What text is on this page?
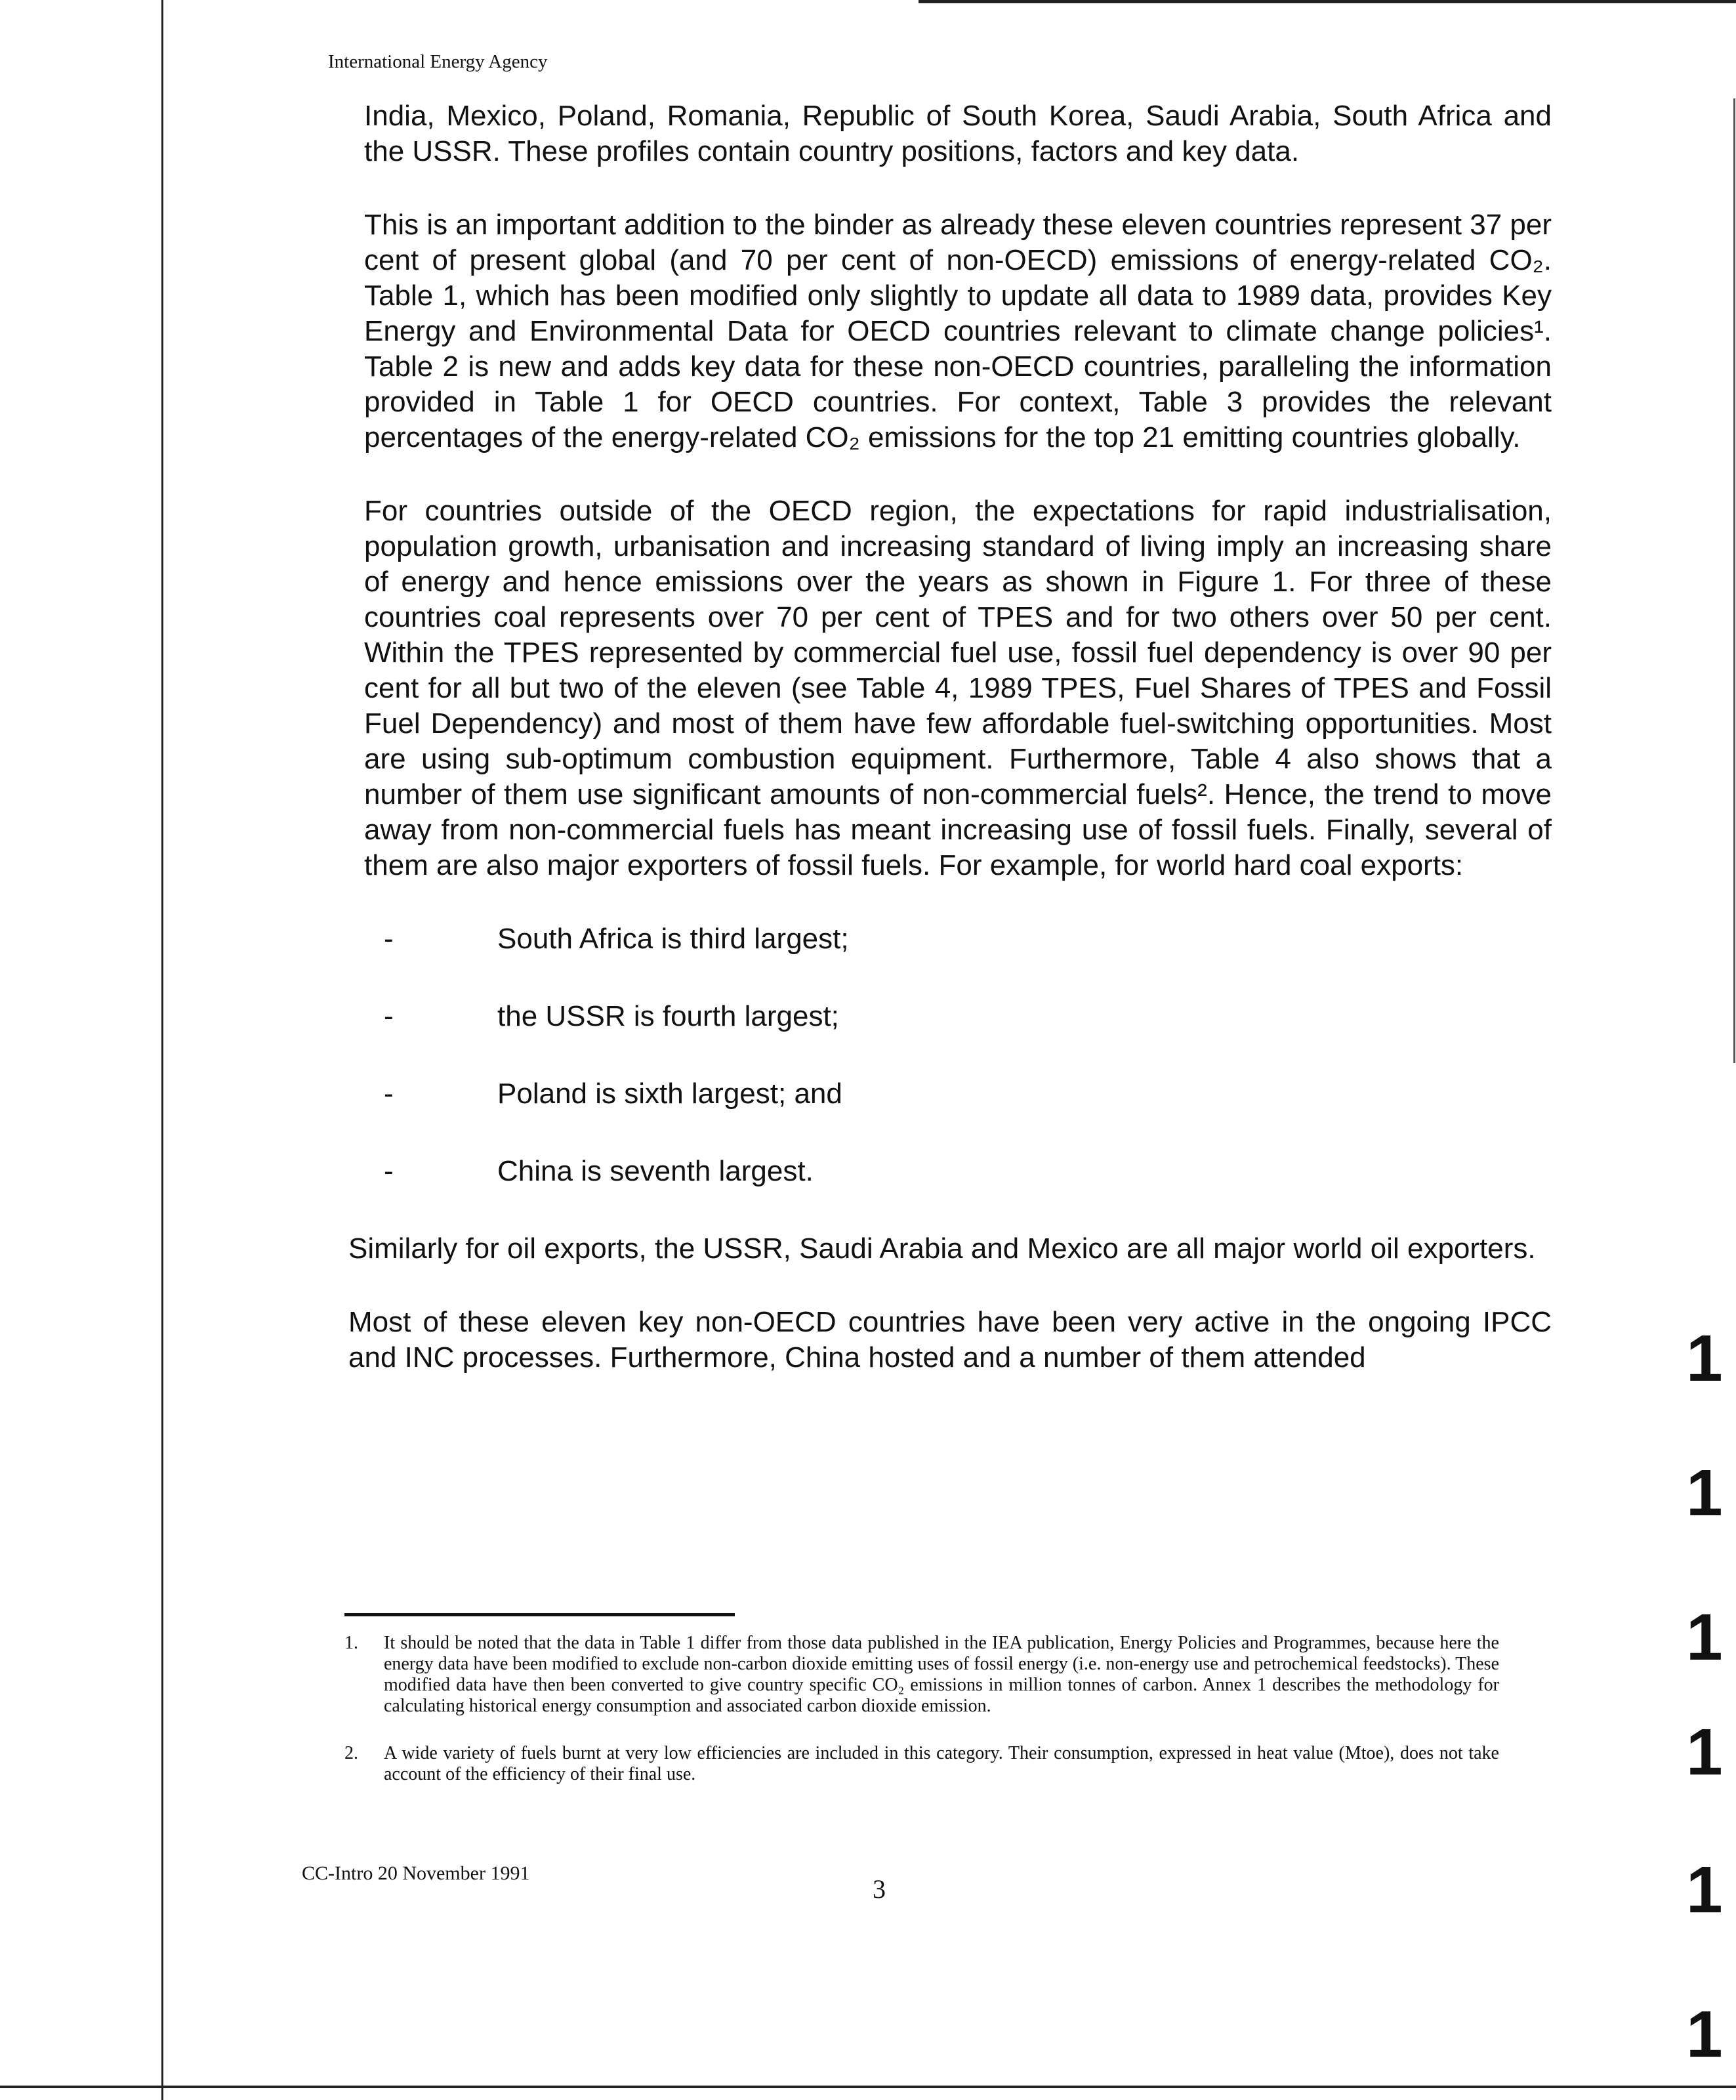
International Energy Agency

India, Mexico, Poland, Romania, Republic of South Korea, Saudi Arabia, South Africa and the USSR. These profiles contain country positions, factors and key data.

This is an important addition to the binder as already these eleven countries represent 37 per cent of present global (and 70 per cent of non-OECD) emissions of energy-related CO₂. Table 1, which has been modified only slightly to update all data to 1989 data, provides Key Energy and Environmental Data for OECD countries relevant to climate change policies¹. Table 2 is new and adds key data for these non-OECD countries, paralleling the information provided in Table 1 for OECD countries. For context, Table 3 provides the relevant percentages of the energy-related CO₂ emissions for the top 21 emitting countries globally.

For countries outside of the OECD region, the expectations for rapid industrialisation, population growth, urbanisation and increasing standard of living imply an increasing share of energy and hence emissions over the years as shown in Figure 1. For three of these countries coal represents over 70 per cent of TPES and for two others over 50 per cent. Within the TPES represented by commercial fuel use, fossil fuel dependency is over 90 per cent for all but two of the eleven (see Table 4, 1989 TPES, Fuel Shares of TPES and Fossil Fuel Dependency) and most of them have few affordable fuel-switching opportunities. Most are using sub-optimum combustion equipment. Furthermore, Table 4 also shows that a number of them use significant amounts of non-commercial fuels². Hence, the trend to move away from non-commercial fuels has meant increasing use of fossil fuels. Finally, several of them are also major exporters of fossil fuels. For example, for world hard coal exports:

-	South Africa is third largest;
-	the USSR is fourth largest;
-	Poland is sixth largest; and
-	China is seventh largest.

Similarly for oil exports, the USSR, Saudi Arabia and Mexico are all major world oil exporters.

Most of these eleven key non-OECD countries have been very active in the ongoing IPCC and INC processes. Furthermore, China hosted and a number of them attended

1. It should be noted that the data in Table 1 differ from those data published in the IEA publication, Energy Policies and Programmes, because here the energy data have been modified to exclude non-carbon dioxide emitting uses of fossil energy (i.e. non-energy use and petrochemical feedstocks). These modified data have then been converted to give country specific CO₂ emissions in million tonnes of carbon. Annex 1 describes the methodology for calculating historical energy consumption and associated carbon dioxide emission.
2. A wide variety of fuels burnt at very low efficiencies are included in this category. Their consumption, expressed in heat value (Mtoe), does not take account of the efficiency of their final use.
CC-Intro 20 November 1991
3
1
1
1
1
1
1
